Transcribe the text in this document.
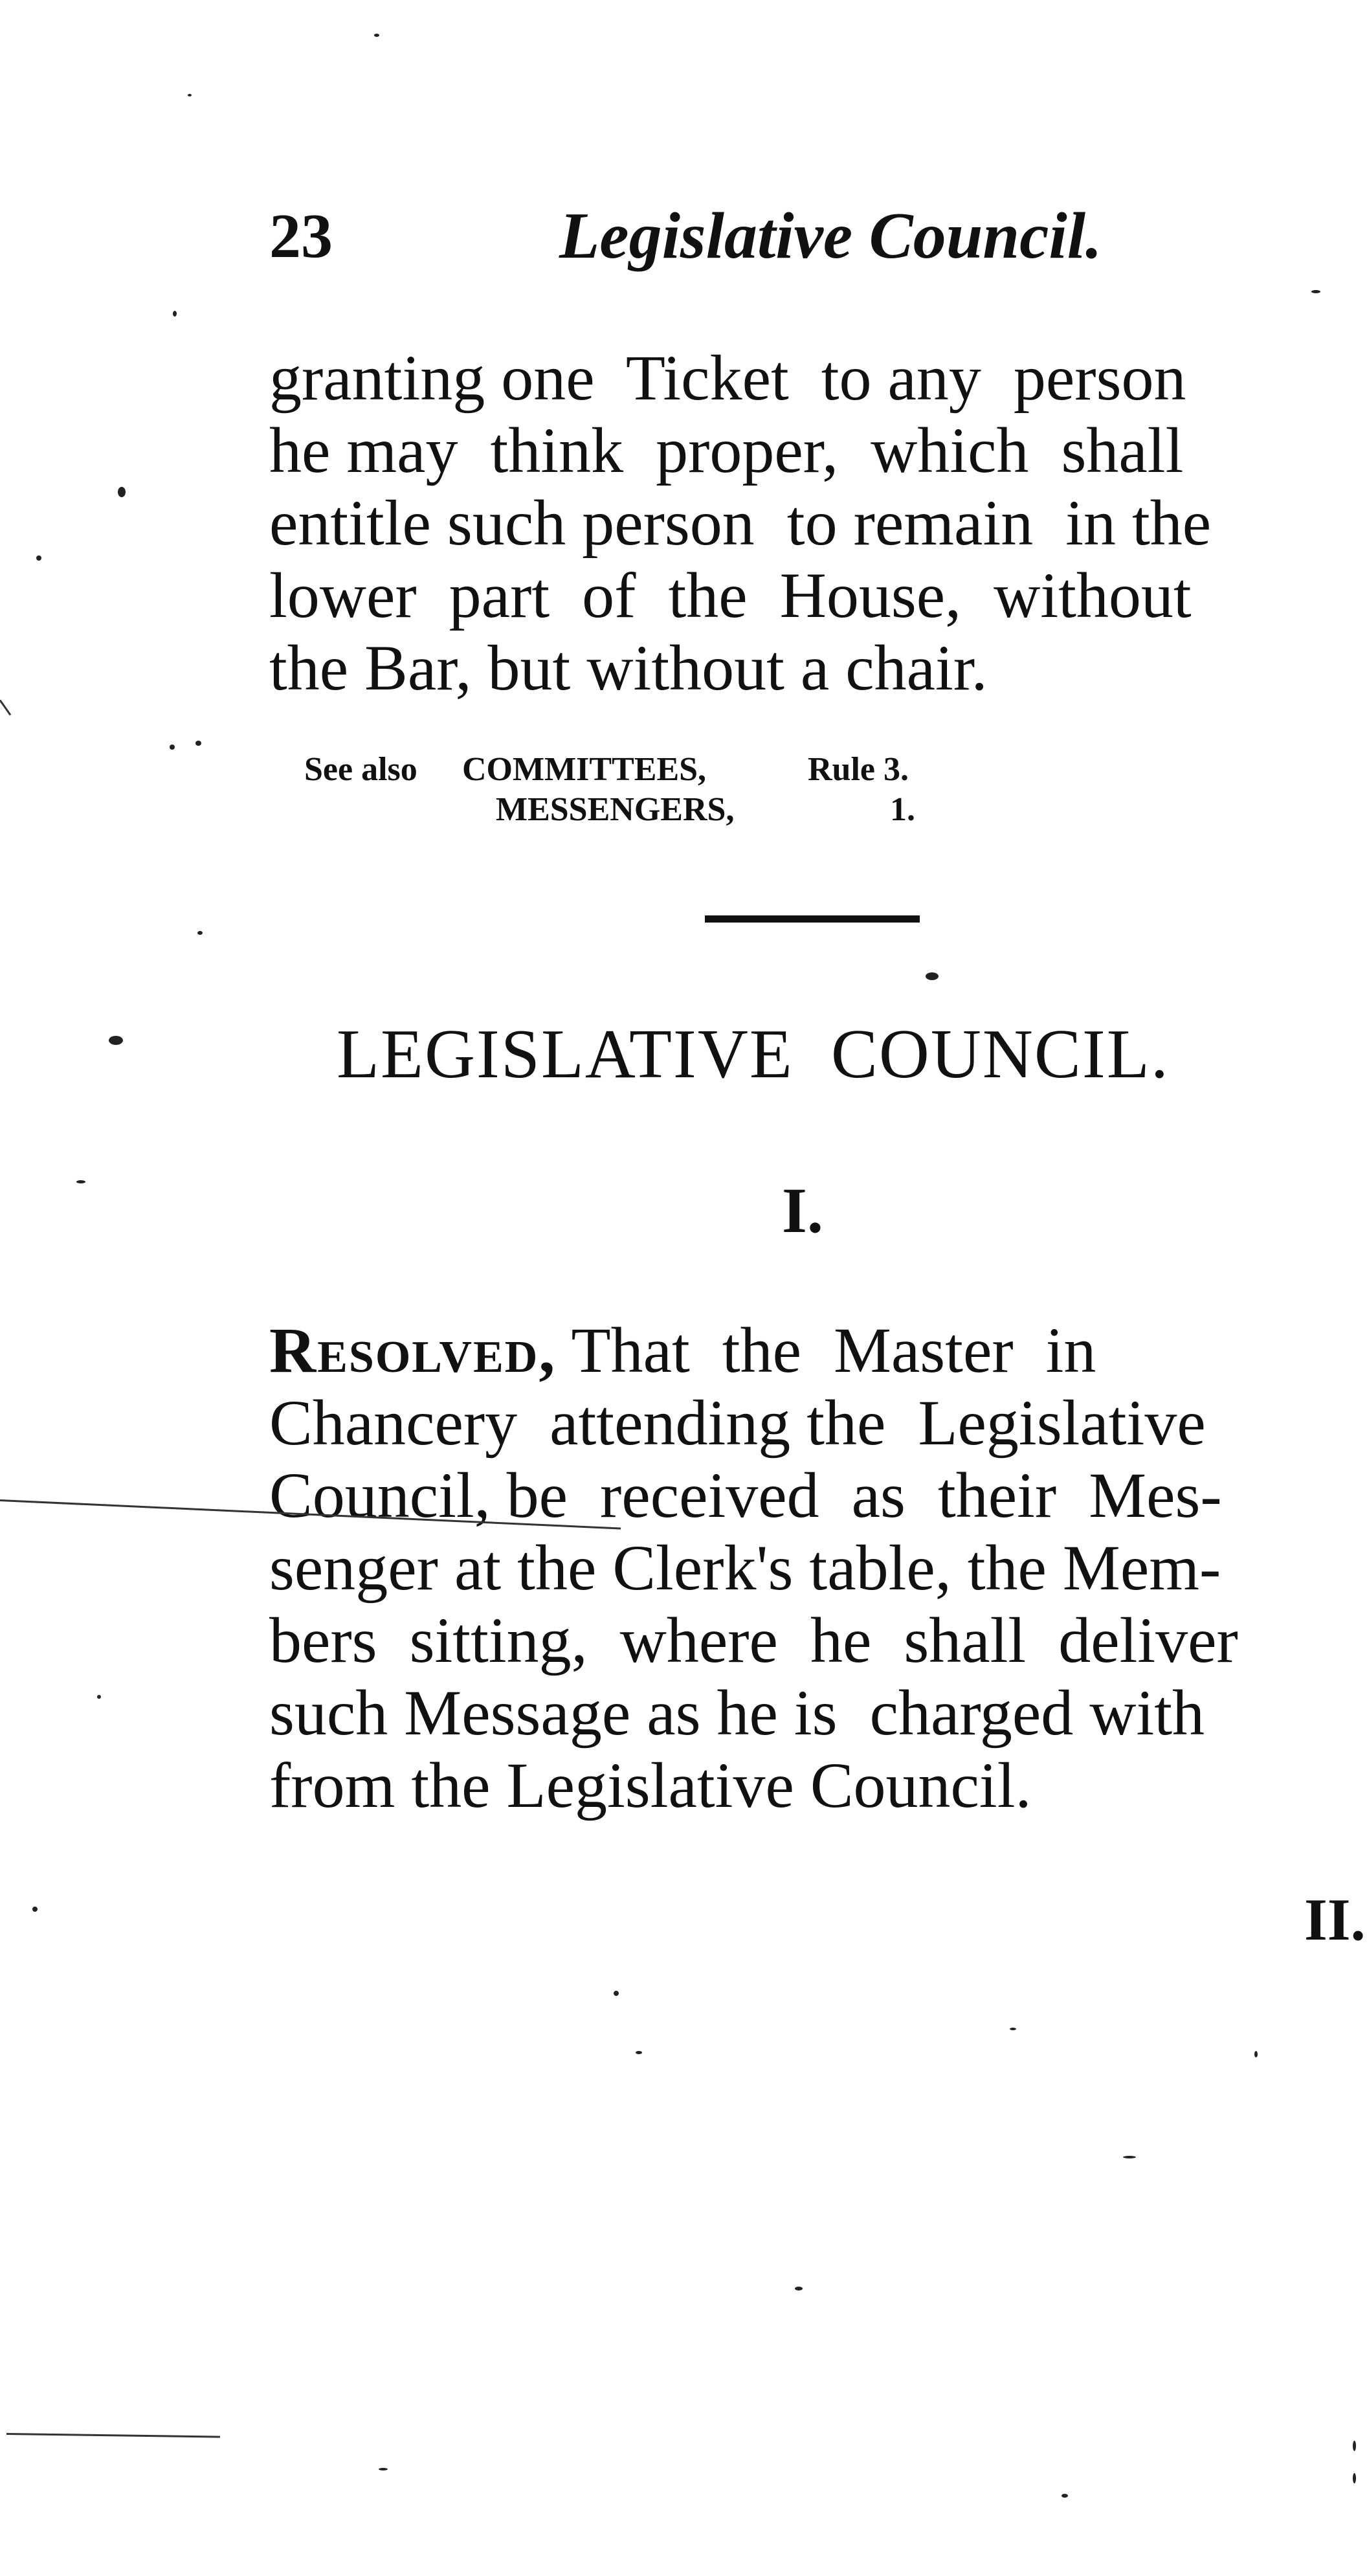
23	Legislative Council.
granting one  Ticket  to any  person
he may  think  proper,  which  shall
entitle such person  to remain  in the
lower  part  of  the  House,  without
the Bar, but without a chair.
See also COMMITTEES,	Rule 3.
MESSENGERS,	1.
LEGISLATIVE  COUNCIL.
I.
Resolved, That  the  Master  in
Chancery  attending the  Legislative
Council, be  received  as  their  Mes-
senger at the Clerk's table, the Mem-
bers  sitting,  where  he  shall  deliver
such Message as he is  charged with
from the Legislative Council.
II.
